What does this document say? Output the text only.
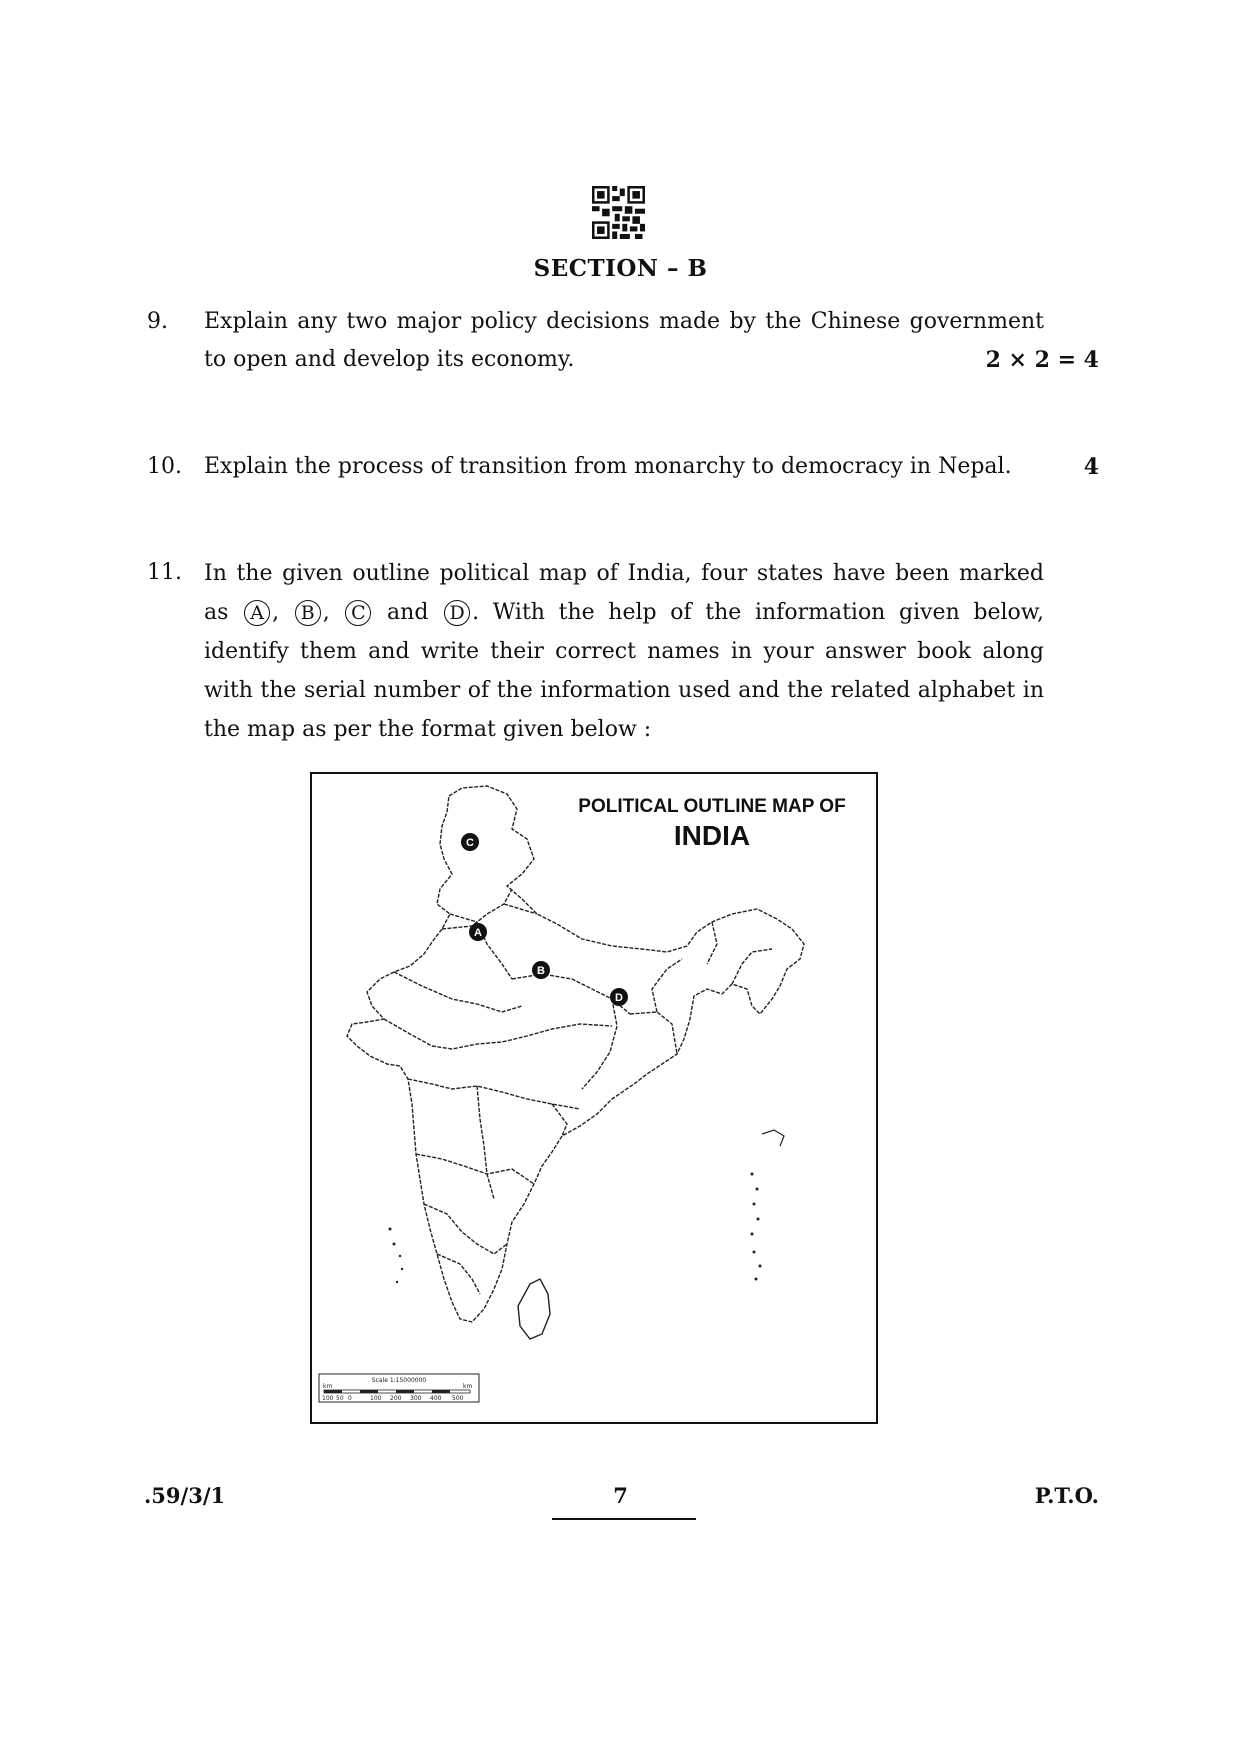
SECTION – B
9. Explain any two major policy decisions made by the Chinese government to open and develop its economy.	2 × 2 = 4
10. Explain the process of transition from monarchy to democracy in Nepal.	4
11. In the given outline political map of India, four states have been marked as A , B , C and D . With the help of the information given below, identify them and write their correct names in your answer book along with the serial number of the information used and the related alphabet in the map as per the format given below :
POLITICAL OUTLINE MAP OF
INDIA
C
A
B
D
Scale 1:15000000
km	km
100 50 0	100 200 300 400 500
.59/3/1	7	P.T.O.
